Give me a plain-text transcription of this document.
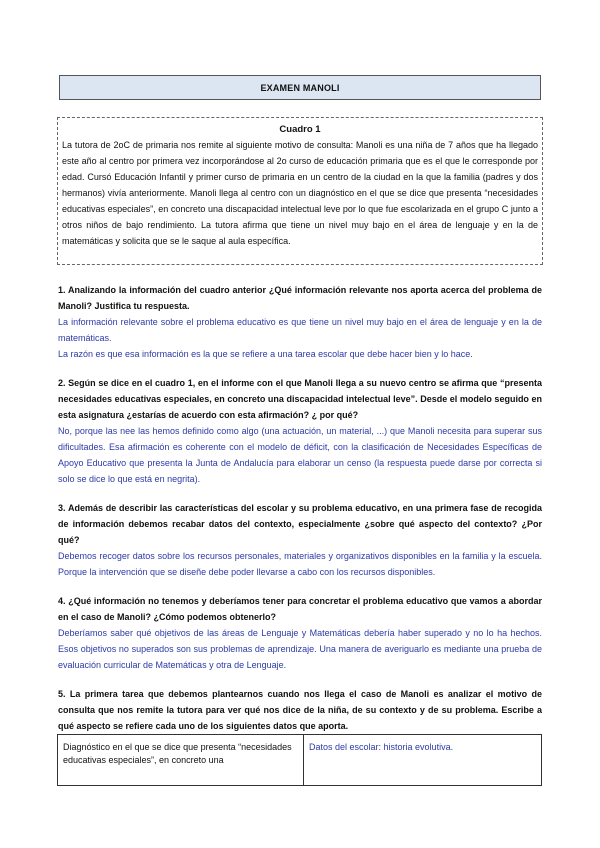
EXAMEN MANOLI
Cuadro 1
La tutora de 2oC de primaria nos remite al siguiente motivo de consulta: Manoli es una niña de 7 años que ha llegado este año al centro por primera vez incorporándose al 2o curso de educación primaria que es el que le corresponde por edad. Cursó Educación Infantil y primer curso de primaria en un centro de la ciudad en la que la familia (padres y dos hermanos) vivía anteriormente. Manoli llega al centro con un diagnóstico en el que se dice que presenta “necesidades educativas especiales”, en concreto una discapacidad intelectual leve por lo que fue escolarizada en el grupo C junto a otros niños de bajo rendimiento. La tutora afirma que tiene un nivel muy bajo en el área de lenguaje y en la de matemáticas y solicita que se le saque al aula específica.

1. Analizando la información del cuadro anterior ¿Qué información relevante nos aporta acerca del problema de Manoli? Justifica tu respuesta.

La información relevante sobre el problema educativo es que tiene un nivel muy bajo en el área de lenguaje y en la de matemáticas.

La razón es que esa información es la que se refiere a una tarea escolar que debe hacer bien y lo hace.

2. Según se dice en el cuadro 1, en el informe con el que Manoli llega a su nuevo centro se afirma que “presenta necesidades educativas especiales, en concreto una discapacidad intelectual leve”. Desde el modelo seguido en esta asignatura ¿estarías de acuerdo con esta afirmación? ¿ por qué?

No, porque las nee las hemos definido como algo (una actuación, un material, ...) que Manoli necesita para superar sus dificultades. Esa afirmación es coherente con el modelo de déficit, con la clasificación de Necesidades Específicas de Apoyo Educativo que presenta la Junta de Andalucía para elaborar un censo (la respuesta puede darse por correcta si solo se dice lo que está en negrita).

3. Además de describir las características del escolar y su problema educativo, en una primera fase de recogida de información debemos recabar datos del contexto, especialmente ¿sobre qué aspecto del contexto? ¿Por qué?

Debemos recoger datos sobre los recursos personales, materiales y organizativos disponibles en la familia y la escuela. Porque la intervención que se diseñe debe poder llevarse a cabo con los recursos disponibles.

4. ¿Qué información no tenemos y deberíamos tener para concretar el problema educativo que vamos a abordar en el caso de Manoli? ¿Cómo podemos obtenerlo?

Deberíamos saber qué objetivos de las áreas de Lenguaje y Matemáticas debería haber superado y no lo ha hechos. Esos objetivos no superados son sus problemas de aprendizaje. Una manera de averiguarlo es mediante una prueba de evaluación curricular de Matemáticas y otra de Lenguaje.

5. La primera tarea que debemos plantearnos cuando nos llega el caso de Manoli es analizar el motivo de consulta que nos remite la tutora para ver qué nos dice de la niña, de su contexto y de su problema. Escribe a qué aspecto se refiere cada uno de los siguientes datos que aporta.

Diagnóstico en el que se dice que presenta “necesidades educativas especiales”, en concreto una	Datos del escolar: historia evolutiva.
